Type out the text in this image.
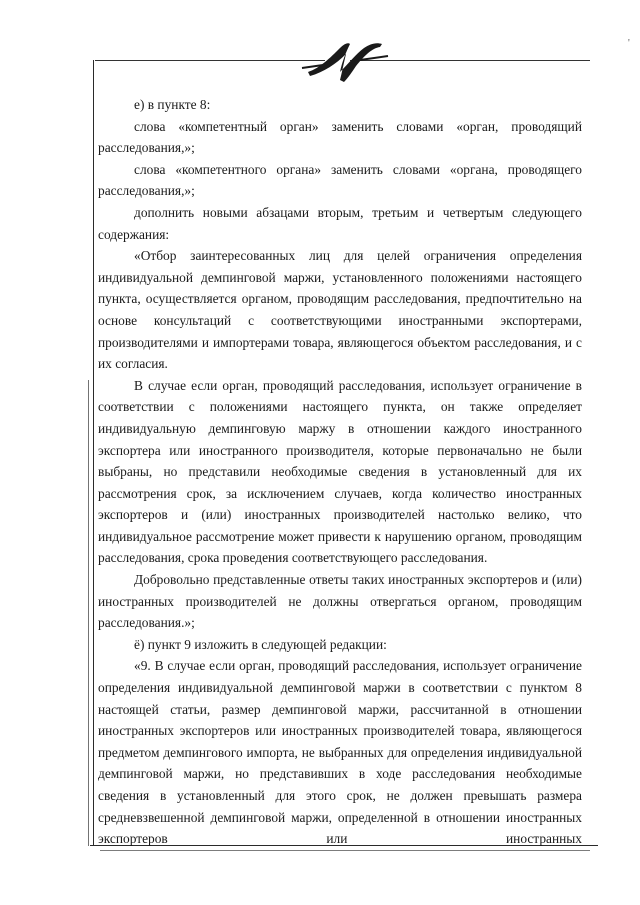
'

е) в пункте 8:

слова «компетентный орган» заменить словами «орган, проводящий расследования,»;

слова «компетентного органа» заменить словами «органа, проводящего расследования,»;

дополнить новыми абзацами вторым, третьим и четвертым следующего содержания:

«Отбор заинтересованных лиц для целей ограничения определения индивидуальной демпинговой маржи, установленного положениями настоящего пункта, осуществляется органом, проводящим расследования, предпочтительно на основе консультаций с соответствующими иностранными экспортерами, производителями и импортерами товара, являющегося объектом расследования, и с их согласия.

В случае если орган, проводящий расследования, использует ограничение в соответствии с положениями настоящего пункта, он также определяет индивидуальную демпинговую маржу в отношении каждого иностранного экспортера или иностранного производителя, которые первоначально не были выбраны, но представили необходимые сведения в установленный для их рассмотрения срок, за исключением случаев, когда количество иностранных экспортеров и (или) иностранных производителей настолько велико, что индивидуальное рассмотрение может привести к нарушению органом, проводящим расследования, срока проведения соответствующего расследования.

Добровольно представленные ответы таких иностранных экспортеров и (или) иностранных производителей не должны отвергаться органом, проводящим расследования.»;

ё) пункт 9 изложить в следующей редакции:

«9. В случае если орган, проводящий расследования, использует ограничение определения индивидуальной демпинговой маржи в соответствии с пунктом 8 настоящей статьи, размер демпинговой маржи, рассчитанной в отношении иностранных экспортеров или иностранных производителей товара, являющегося предметом демпингового импорта, не выбранных для определения индивидуальной демпинговой маржи, но представивших в ходе расследования необходимые сведения в установленный для этого срок, не должен превышать размера средневзвешенной демпинговой маржи, определенной в отношении иностранных экспортеров или иностранных
